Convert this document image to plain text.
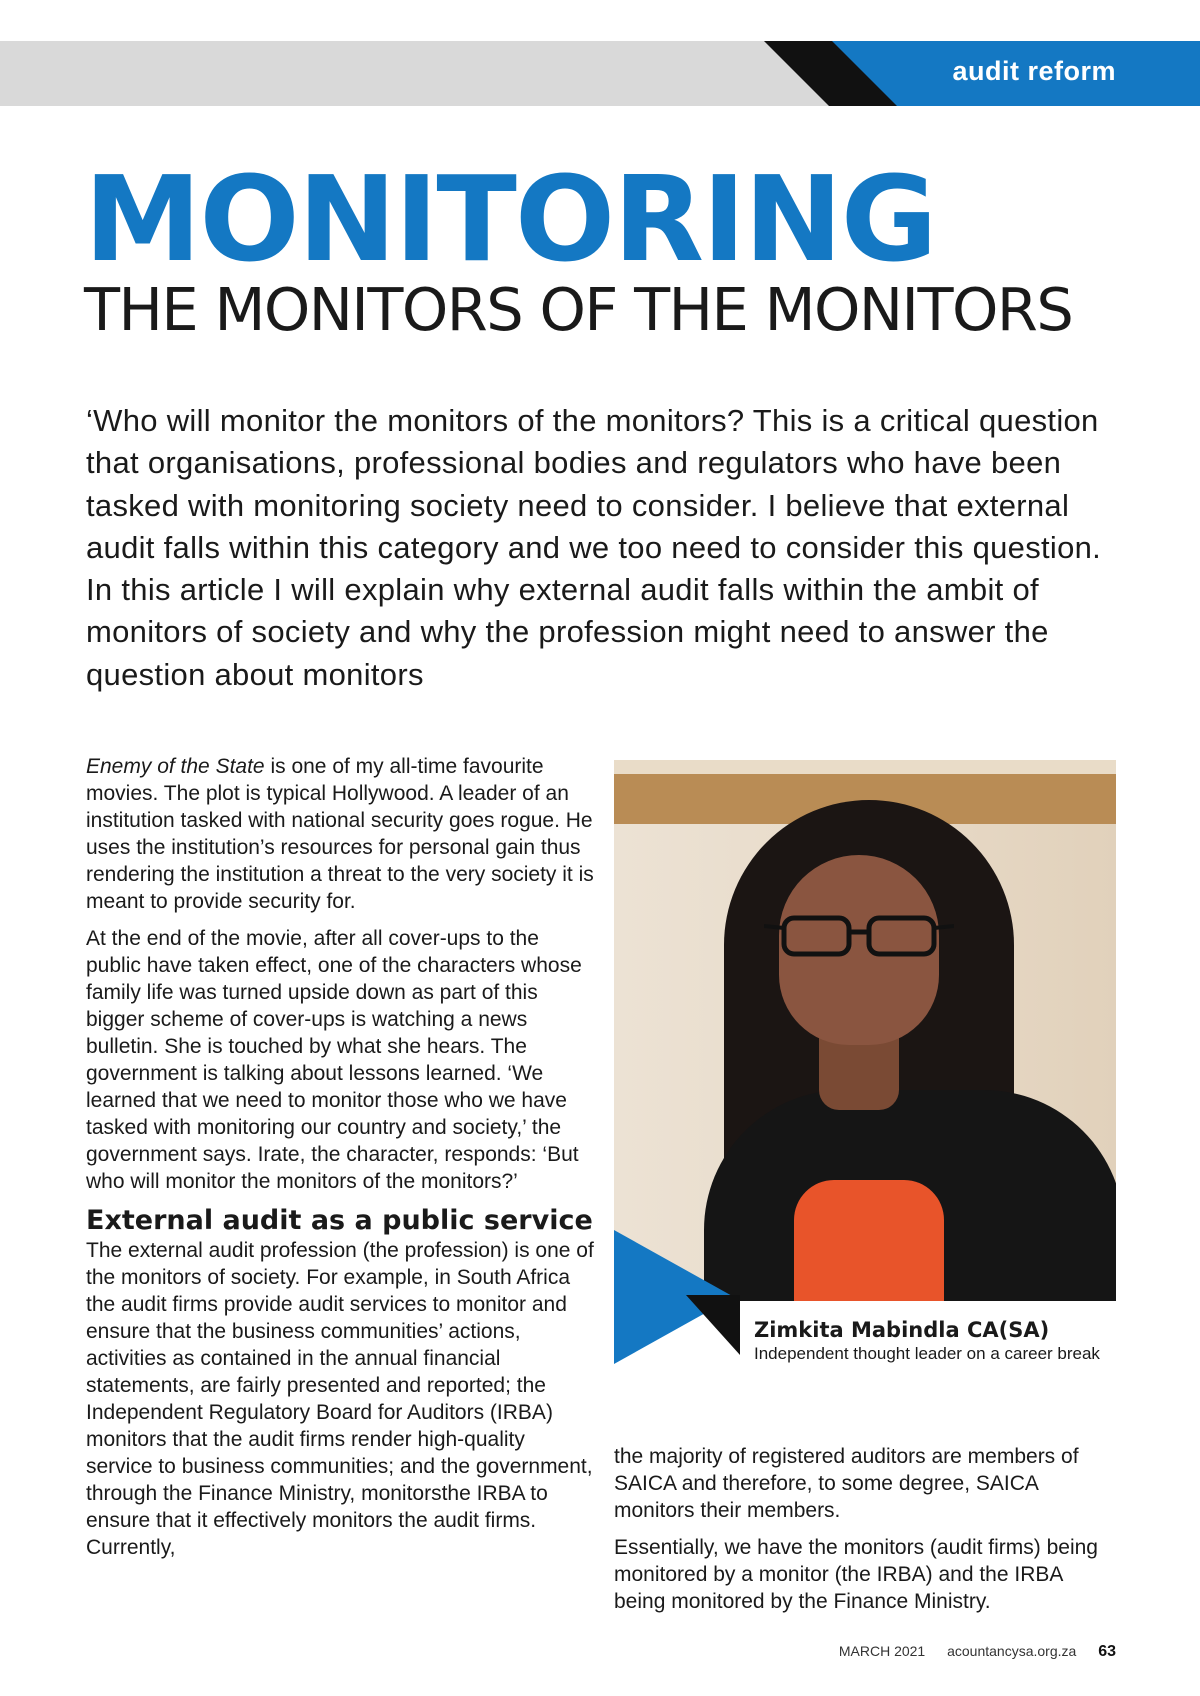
audit reform
MONITORING
THE MONITORS OF THE MONITORS

‘Who will monitor the monitors of the monitors? This is a critical question that organisations, professional bodies and regulators who have been tasked with monitoring society need to consider. I believe that external audit falls within this category and we too need to consider this question. In this article I will explain why external audit falls within the ambit of monitors of society and why the profession might need to answer the question about monitors

Enemy of the State is one of my all-time favourite movies. The plot is typical Hollywood. A leader of an institution tasked with national security goes rogue. He uses the institution’s resources for personal gain thus rendering the institution a threat to the very society it is meant to provide security for.

At the end of the movie, after all cover-ups to the public have taken effect, one of the characters whose family life was turned upside down as part of this bigger scheme of cover-ups is watching a news bulletin. She is touched by what she hears. The government is talking about lessons learned. ‘We learned that we need to monitor those who we have tasked with monitoring our country and society,’ the government says. Irate, the character, responds: ‘But who will monitor the monitors of the monitors?’

External audit as a public service

The external audit profession (the profession) is one of the monitors of society. For example, in South Africa the audit firms provide audit services to monitor and ensure that the business communities’ actions, activities as contained in the annual financial statements, are fairly presented and reported; the Independent Regulatory Board for Auditors (IRBA) monitors that the audit firms render high-quality service to business communities; and the government, through the Finance Ministry, monitorsthe IRBA to ensure that it effectively monitors the audit firms. Currently,

Zimkita Mabindla CA(SA)
Independent thought leader on a career break

the majority of registered auditors are members of SAICA and therefore, to some degree, SAICA monitors their members.

Essentially, we have the monitors (audit firms) being monitored by a monitor (the IRBA) and the IRBA being monitored by the Finance Ministry.

MARCH 2021 acountancysa.org.za 63
